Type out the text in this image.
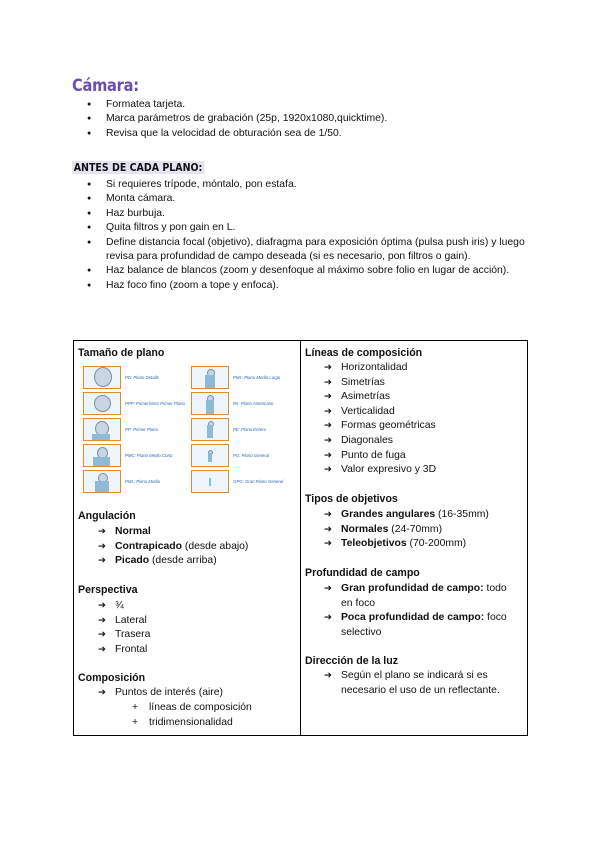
Cámara:
● Formatea tarjeta.
● Marca parámetros de grabación (25p, 1920x1080,quicktime).
● Revisa que la velocidad de obturación sea de 1/50.
ANTES DE CADA PLANO:
● Si requieres trípode, móntalo, pon estafa.
● Monta cámara.
● Haz burbuja.
● Quita filtros y pon gain en L.
● Define distancia focal (objetivo), diafragma para exposición óptima (pulsa push iris) y luego revisa para profundidad de campo deseada (si es necesario, pon filtros o gain).
● Haz balance de blancos (zoom y desenfoque al máximo sobre folio en lugar de acción).
● Haz foco fino (zoom a tope y enfoca).
Tamaño de plano
PD: Plano Detalle
PPP: Primerísimo Primer Plano
PP: Primer Plano
PMC: Plano Medio Corto
PML: Plano Medio
PML: Plano Medio Largo
PA: Plano Americano
PE: Plano Entero
PG: Plano General
GPG: Gran Plano General
Angulación
➔ Normal
➔ Contrapicado (desde abajo)
➔ Picado (desde arriba)
Perspectiva
➔ ¾
➔ Lateral
➔ Trasera
➔ Frontal
Composición
➔ Puntos de interés (aire)
+ líneas de composición
+ tridimensionalidad
Líneas de composición
➔ Horizontalidad
➔ Simetrías
➔ Asimetrías
➔ Verticalidad
➔ Formas geométricas
➔ Diagonales
➔ Punto de fuga
➔ Valor expresivo y 3D
Tipos de objetivos
➔ Grandes angulares (16-35mm)
➔ Normales (24-70mm)
➔ Teleobjetivos (70-200mm)
Profundidad de campo
➔ Gran profundidad de campo: todo en foco
➔ Poca profundidad de campo: foco selectivo
Dirección de la luz
➔ Según el plano se indicará si es necesario el uso de un reflectante.
